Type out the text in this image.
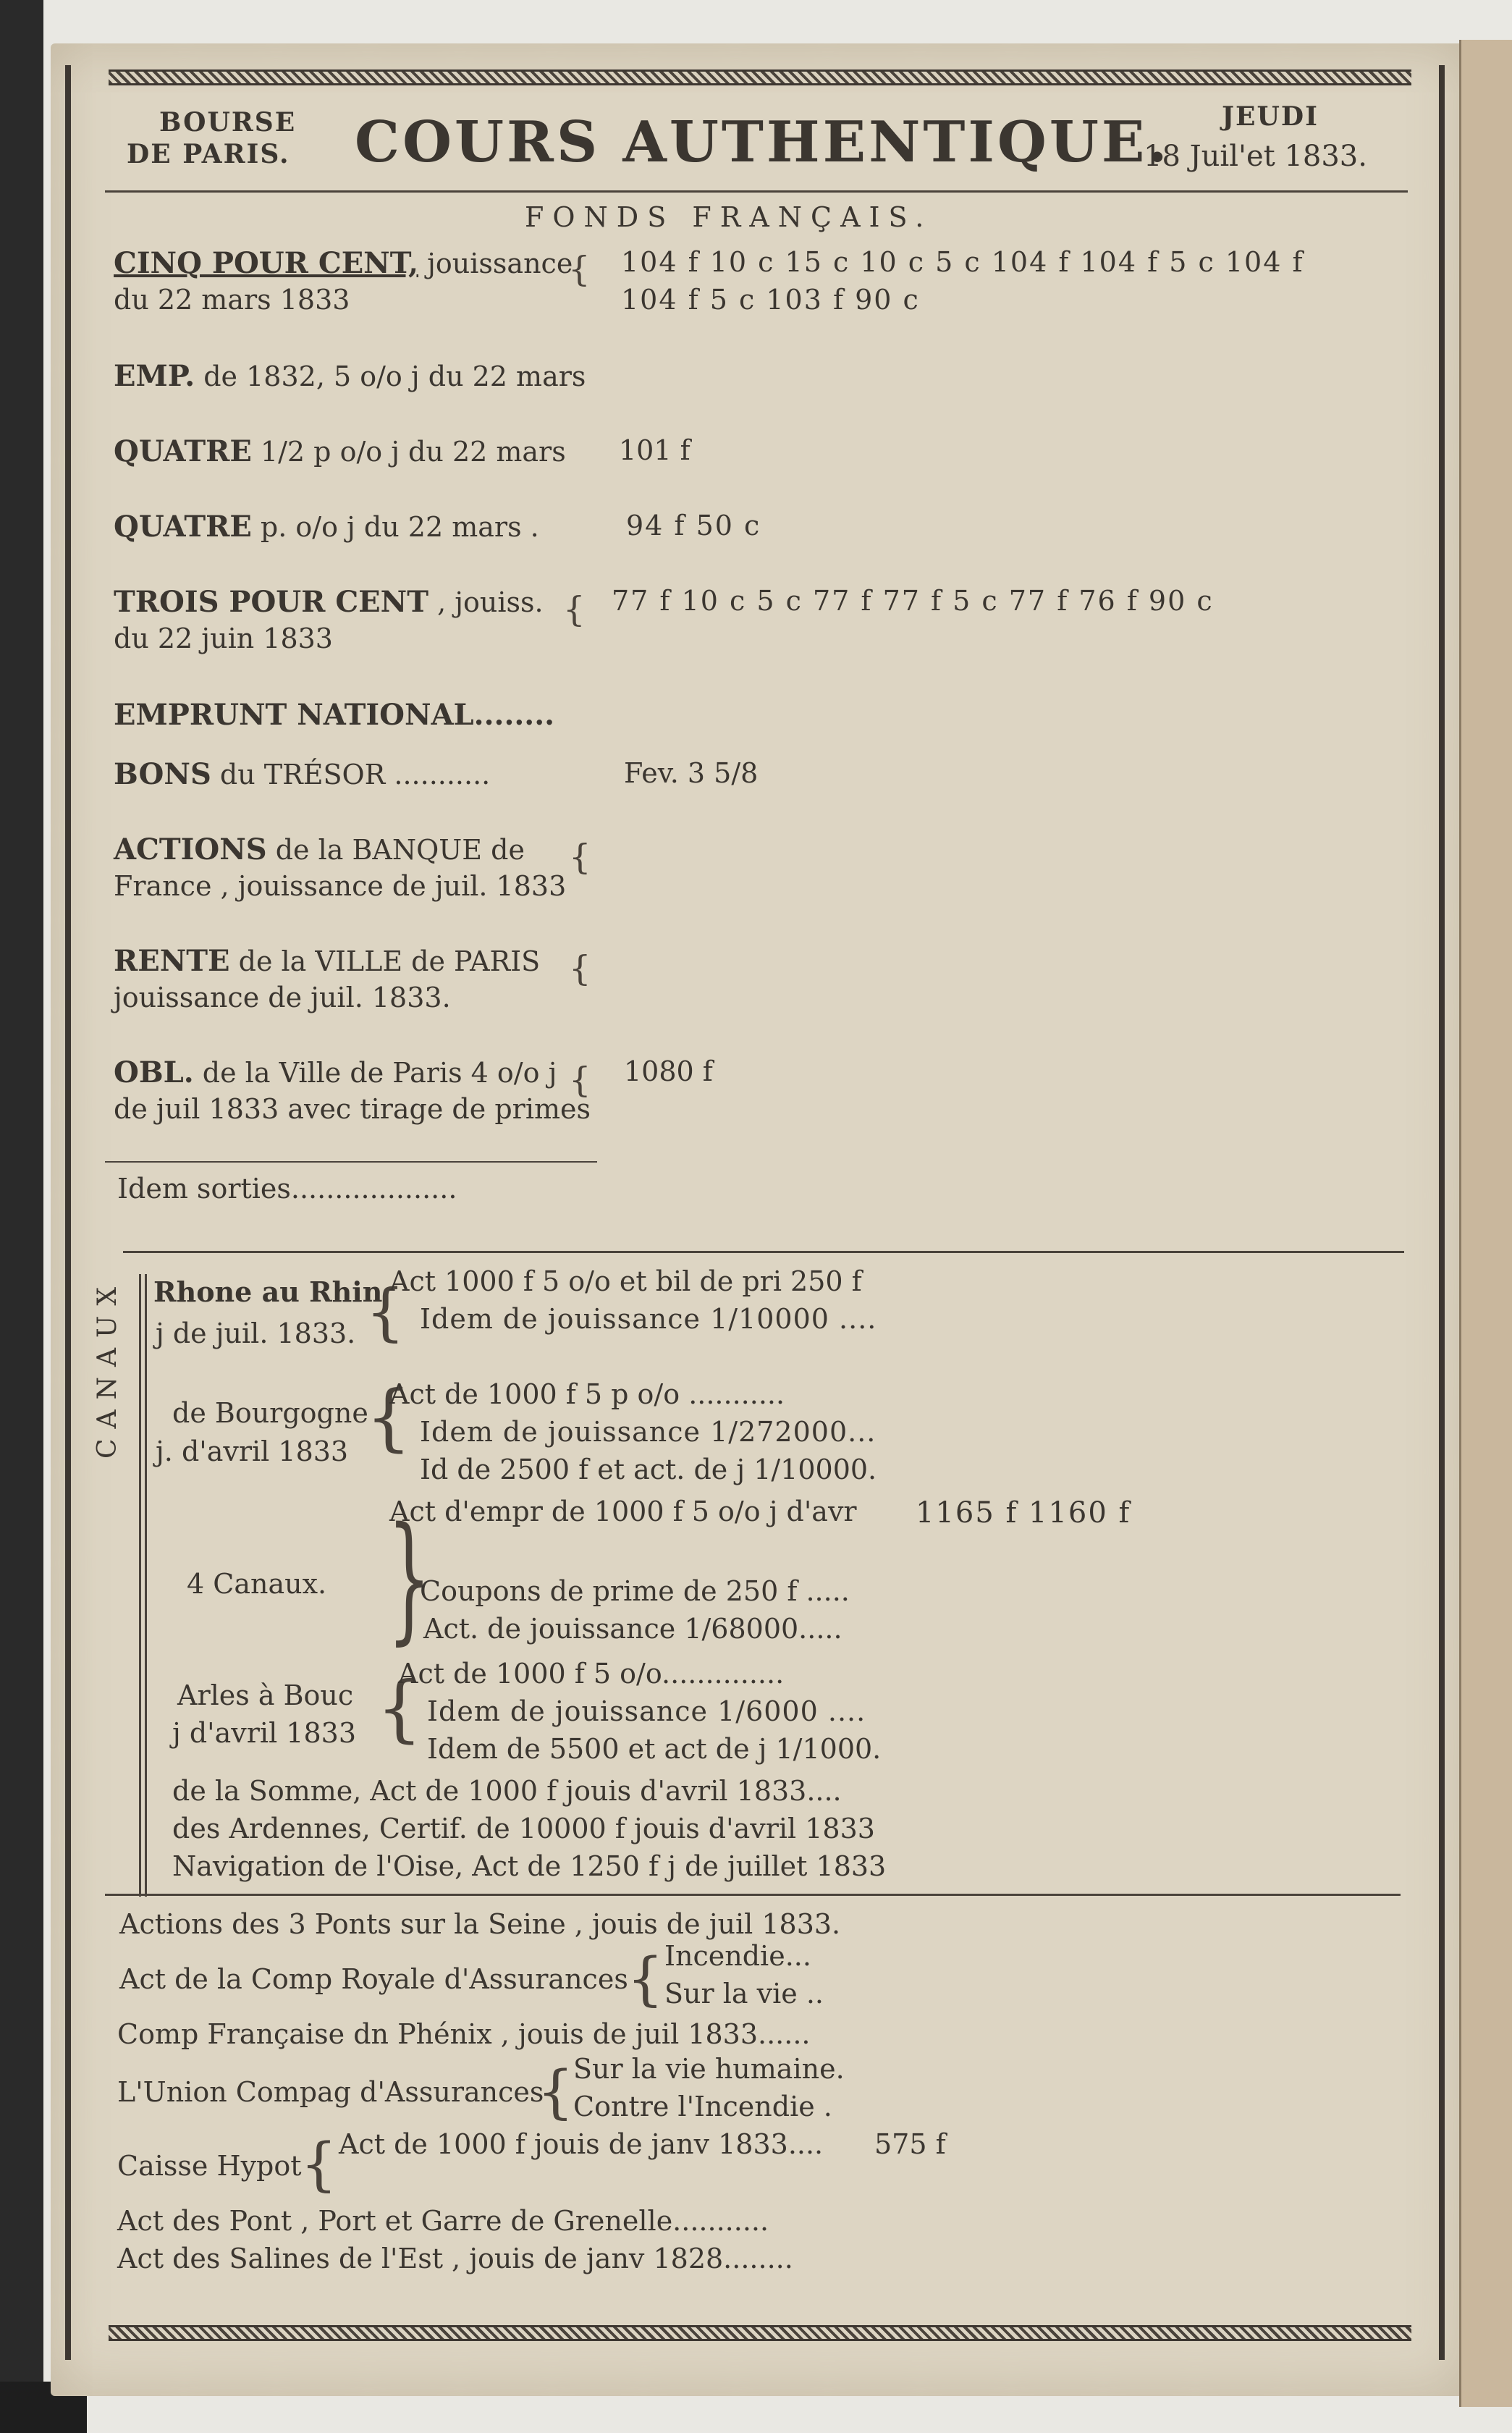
BOURSE
DE PARIS. COURS AUTHENTIQUE. JEUDI
18 Juil'et 1833.
FONDS FRANÇAIS.
CINQ POUR CENT, jouissance
du 22 mars 1833
{ 104 f 10 c 15 c 10 c 5 c 104 f 104 f 5 c 104 f
104 f 5 c 103 f 90 c
EMP. de 1832, 5 o/o j du 22 mars
QUATRE 1/2 p o/o j du 22 mars 101 f
QUATRE p. o/o j du 22 mars .	94 f 50 c
TROIS POUR CENT , jouiss.
du 22 juin 1833
{ 77 f 10 c 5 c 77 f 77 f 5 c 77 f 76 f 90 c
EMPRUNT NATIONAL........
BONS du TRÉSOR ...........	Fev. 3 5/8
ACTIONS de la BANQUE de
France , jouissance de juil. 1833
{
RENTE de la VILLE de PARIS
jouissance de juil. 1833.
{
OBL. de la Ville de Paris 4 o/o j
de juil 1833 avec tirage de primes
{ 1080 f
Idem sorties...................
CANAUX Rhone au Rhin
j de juil. 1833. {
Act 1000 f 5 o/o et bil de pri 250 f
Idem de jouissance 1/10000 ....
de Bourgogne
j. d'avril 1833 {
Act de 1000 f 5 p o/o ...........
Idem de jouissance 1/272000...
Id de 2500 f et act. de j 1/10000.
4 Canaux. }
Act d'empr de 1000 f 5 o/o j d'avr 1165 f 1160 f
Coupons de prime de 250 f .....
Act. de jouissance 1/68000.....
Arles à Bouc
j d'avril 1833 {
Act de 1000 f 5 o/o..............
Idem de jouissance 1/6000 ....
Idem de 5500 et act de j 1/1000.
de la Somme, Act de 1000 f jouis d'avril 1833....
des Ardennes, Certif. de 10000 f jouis d'avril 1833
Navigation de l'Oise, Act de 1250 f j de juillet 1833
Actions des 3 Ponts sur la Seine , jouis de juil 1833.
Act de la Comp Royale d'Assurances
{ Incendie...
Sur la vie ..
Comp Française dn Phénix , jouis de juil 1833......
L'Union Compag d'Assurances
{ Sur la vie humaine.
Contre l'Incendie .
Caisse Hypot
{ Act de 1000 f jouis de janv 1833.... 575 f
Act des Pont , Port et Garre de Grenelle...........
Act des Salines de l'Est , jouis de janv 1828........
